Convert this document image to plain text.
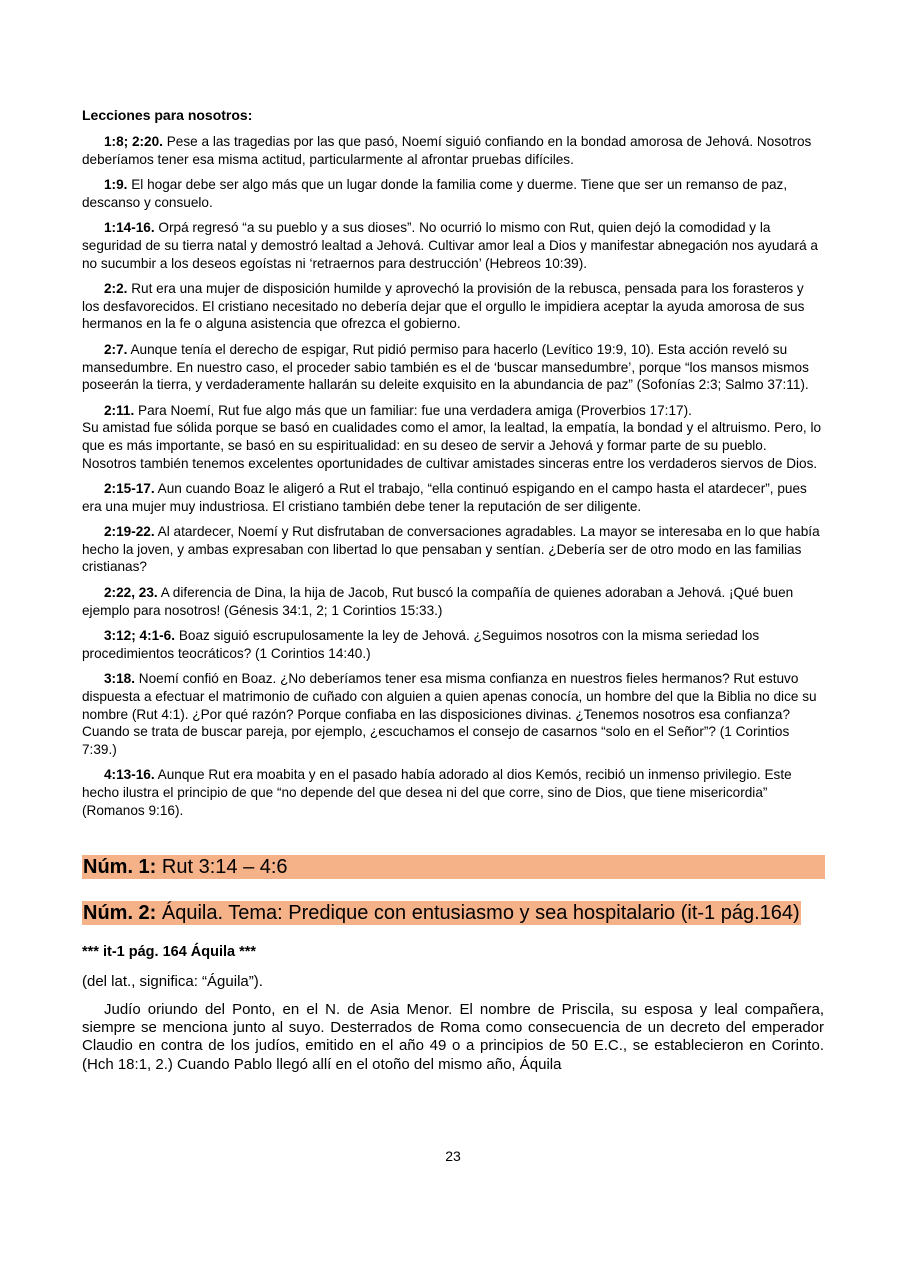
Lecciones para nosotros:
1:8; 2:20. Pese a las tragedias por las que pasó, Noemí siguió confiando en la bondad amorosa de Jehová. Nosotros deberíamos tener esa misma actitud, particularmente al afrontar pruebas difíciles.
1:9. El hogar debe ser algo más que un lugar donde la familia come y duerme. Tiene que ser un remanso de paz, descanso y consuelo.
1:14-16. Orpá regresó “a su pueblo y a sus dioses”. No ocurrió lo mismo con Rut, quien dejó la comodidad y la seguridad de su tierra natal y demostró lealtad a Jehová. Cultivar amor leal a Dios y manifestar abnegación nos ayudará a no sucumbir a los deseos egoístas ni ‘retraernos para destrucción’ (Hebreos 10:39).
2:2. Rut era una mujer de disposición humilde y aprovechó la provisión de la rebusca, pensada para los forasteros y los desfavorecidos. El cristiano necesitado no debería dejar que el orgullo le impidiera aceptar la ayuda amorosa de sus hermanos en la fe o alguna asistencia que ofrezca el gobierno.
2:7. Aunque tenía el derecho de espigar, Rut pidió permiso para hacerlo (Levítico 19:9, 10). Esta acción reveló su mansedumbre. En nuestro caso, el proceder sabio también es el de ‘buscar mansedumbre’, porque “los mansos mismos poseerán la tierra, y verdaderamente hallarán su deleite exquisito en la abundancia de paz” (Sofonías 2:3; Salmo 37:11).
2:11. Para Noemí, Rut fue algo más que un familiar: fue una verdadera amiga (Proverbios 17:17).
Su amistad fue sólida porque se basó en cualidades como el amor, la lealtad, la empatía, la bondad y el altruismo. Pero, lo que es más importante, se basó en su espiritualidad: en su deseo de servir a Jehová y formar parte de su pueblo. Nosotros también tenemos excelentes oportunidades de cultivar amistades sinceras entre los verdaderos siervos de Dios.
2:15-17. Aun cuando Boaz le aligeró a Rut el trabajo, “ella continuó espigando en el campo hasta el atardecer”, pues era una mujer muy industriosa. El cristiano también debe tener la reputación de ser diligente.
2:19-22. Al atardecer, Noemí y Rut disfrutaban de conversaciones agradables. La mayor se interesaba en lo que había hecho la joven, y ambas expresaban con libertad lo que pensaban y sentían. ¿Debería ser de otro modo en las familias cristianas?
2:22, 23. A diferencia de Dina, la hija de Jacob, Rut buscó la compañía de quienes adoraban a Jehová. ¡Qué buen ejemplo para nosotros! (Génesis 34:1, 2; 1 Corintios 15:33.)
3:12; 4:1-6. Boaz siguió escrupulosamente la ley de Jehová. ¿Seguimos nosotros con la misma seriedad los procedimientos teocráticos? (1 Corintios 14:40.)
3:18. Noemí confió en Boaz. ¿No deberíamos tener esa misma confianza en nuestros fieles hermanos? Rut estuvo dispuesta a efectuar el matrimonio de cuñado con alguien a quien apenas conocía, un hombre del que la Biblia no dice su nombre (Rut 4:1). ¿Por qué razón? Porque confiaba en las disposiciones divinas. ¿Tenemos nosotros esa confianza? Cuando se trata de buscar pareja, por ejemplo, ¿escuchamos el consejo de casarnos “solo en el Señor”? (1 Corintios 7:39.)
4:13-16. Aunque Rut era moabita y en el pasado había adorado al dios Kemós, recibió un inmenso privilegio. Este hecho ilustra el principio de que “no depende del que desea ni del que corre, sino de Dios, que tiene misericordia” (Romanos 9:16).
Núm. 1: Rut 3:14 – 4:6
Núm. 2: Áquila. Tema: Predique con entusiasmo y sea hospitalario (it-1 pág.164)
*** it-1 pág. 164 Áquila ***
(del lat., significa: “Águila”).
Judío oriundo del Ponto, en el N. de Asia Menor. El nombre de Priscila, su esposa y leal compañera, siempre se menciona junto al suyo. Desterrados de Roma como consecuencia de un decreto del emperador Claudio en contra de los judíos, emitido en el año 49 o a principios de 50 E.C., se establecieron en Corinto. (Hch 18:1, 2.) Cuando Pablo llegó allí en el otoño del mismo año, Áquila
23
